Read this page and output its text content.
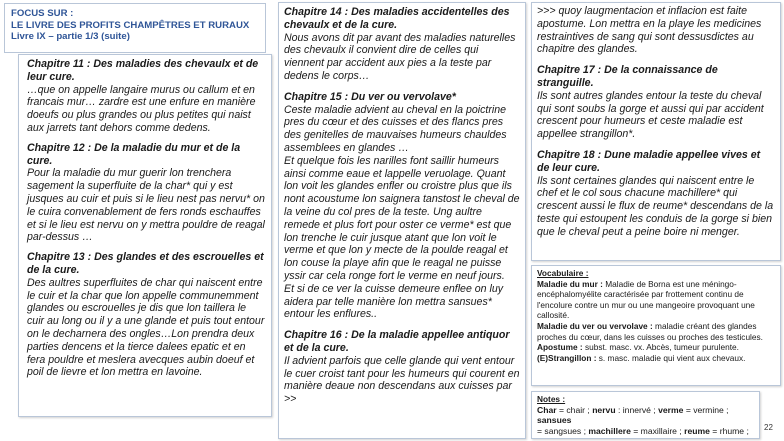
FOCUS SUR :
LE LIVRE DES PROFITS CHAMPÊTRES ET RURAUX
Livre IX – partie 1/3 (suite)

Chapitre 11 : Des maladies des chevaulx et de leur cure.

…que on appelle langaire murus ou callum et en francais mur… zardre est une enfure en manière doeufs ou plus grandes ou plus petites qui naist aux jarrets tant dehors comme dedens.

Chapitre 12 : De la maladie du mur et de la cure.

Pour la maladie du mur guerir lon trenchera sagement la superfluite de la char* qui y est jusques au cuir et puis si le lieu nest pas nervu* on le cuira convenablement de fers ronds eschauffes et si le lieu est nervu on y mettra pouldre de reagal par-dessus …

Chapitre 13 : Des glandes et des escrouelles et de la cure.

Des aultres superfluites de char qui naiscent entre le cuir et la char que lon appelle communemment glandes ou escrouelles je dis que lon taillera le cuir au long ou il y a une glande et puis tout entour on le decharnera des ongles…Lon prendra deux parties dencens et la tierce dalees epatic et en fera pouldre et meslera avecques aubin doeuf et poil de lievre et lon mettra en lavoine.

Chapitre 14 : Des maladies accidentelles des chevaulx et de la cure.

Nous avons dit par avant des maladies naturelles des chevaulx il convient dire de celles qui viennent par accident aux pies a la teste par dedens le corps…

Chapitre 15 : Du ver ou vervolave*

Ceste maladie advient au cheval en la poictrine pres du cœur et des cuisses et des flancs pres des genitelles de mauvaises humeurs chauldes assemblees en glandes …

Et quelque fois les narilles font saillir humeurs ainsi comme eaue et lappelle veruolage. Quant lon voit les glandes enfler ou croistre plus que ils nont acoustume lon saignera tanstost le cheval de la veine du col pres de la teste. Ung aultre remede et plus fort pour oster ce verme* est que lon trenche le cuir jusque atant que lon voit le verme et que lon y mecte de la poulde reagal et lon couse la playe afin que le reagal ne puisse yssir car cela ronge fort le verme en neuf jours.

Et si de ce ver la cuisse demeure enflee on luy aidera par telle manière lon mettra sansues* entour les enflures..

Chapitre 16 : De la maladie appellee antiquor et de la cure.

Il advient parfois que celle glande qui vent entour le cuer croist tant pour les humeurs qui courent en manière deaue non descendans aux cuisses par >>

>>> quoy laugmentacion et inflacion est faite apostume. Lon mettra en la playe les medicines restraintives de sang qui sont dessusdictes au chapitre des glandes.

Chapitre 17 : De la connaissance de stranguille.

Ils sont autres glandes entour la teste du cheval qui sont soubs la gorge et aussi qui par accident crescent pour humeurs et ceste maladie est appellee strangillon*.

Chapitre 18 : Dune maladie appellee vives et de leur cure.

Ils sont certaines glandes qui naiscent entre le chef et le col sous chacune machillere* qui crescent aussi le flux de reume* descendans de la teste qui estoupent les conduis de la gorge si bien que le cheval peut a peine boire ni menger.

Vocabulaire :

Maladie du mur : Maladie de Borna est une méningo-encéphalomyélite caractérisée par frottement continu de l'encolure contre un mur ou une mangeoire provoquant une callosité.

Maladie du ver ou vervolave : maladie créant des glandes proches du cœur, dans les cuisses ou proches des testicules.

Apostume : subst. masc. vx. Abcès, tumeur purulente.

(E)Strangillon : s. masc. maladie qui vient aux chevaux.

Notes :

Char = chair ; nervu : innervé ; verme = vermine ; sansues

= sangsues ; machillere = maxillaire ; reume = rhume ;	22
